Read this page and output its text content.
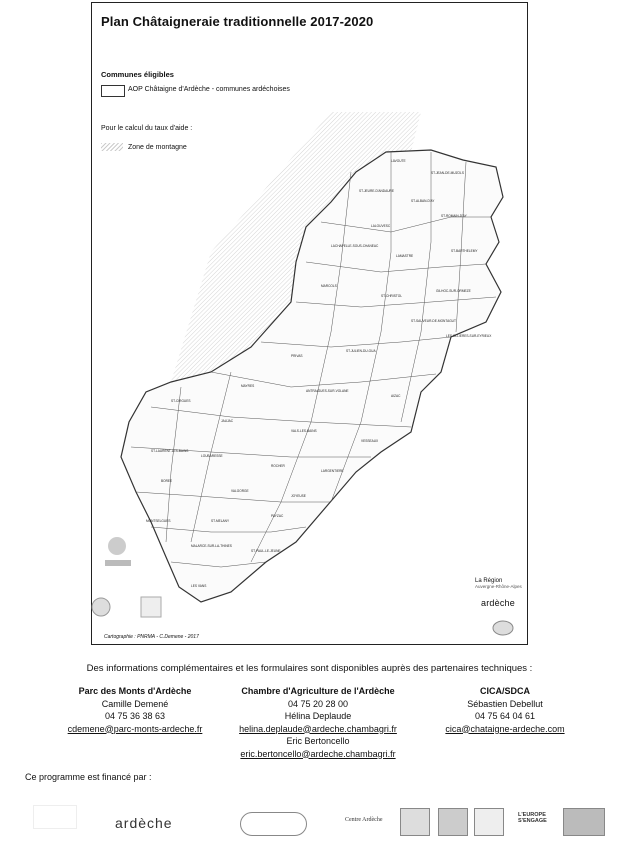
Plan Châtaigneraie traditionnelle 2017-2020
Communes éligibles
AOP Châtaigne d'Ardèche - communes ardéchoises
Pour le calcul du taux d'aide :
Zone de montagne
LAVOUTE
ST-JEAN-DE-MUZOLS
ST-JEURE-D'ANDAURE
ST-ALBAN-D'AY
LALOUVESC
ST-ROMAIN-D'AY
LACHAPELLE-SOUS-CHANEAC
LAMASTRE
ST-BARTHELEMY
MARCOLS
ST-CHRISTOL
GILHOC-SUR-ORMEZE
ST-SAUVEUR-DE-MONTAGUT
LES OLLIERES-SUR-EYRIEUX
PRIVAS
ST-JULIEN-DU-GUA
MAYRES
ANTRAIGUES-SUR-VOLANE
AIZAC
ST-CIRGUES
JAUJAC
VALS-LES-BAINS
VESSEAUX
ST-LAURENT-LES-BAINS
LOUBARESSE
ROCHER
LARGENTIERE
BOREE
VALGORGE
JOYEUSE
MONTSELGUES	ST-MELANY
PAYZAC
MALARCE-SUR-LA-THINES
ST-PAUL-LE-JEUNE
LES VANS
Cartographie : PNRMA - C.Demene - 2017
La Région
Auvergne-Rhône-Alpes
ardèche
Des informations complémentaires et les formulaires sont disponibles auprès des partenaires techniques :
Parc des Monts d'Ardèche
Camille Demené
04 75 36 38 63
cdemene@parc-monts-ardeche.fr
Chambre d'Agriculture de l'Ardèche
04 75 20 28 00
Hélina Deplaude
helina.deplaude@ardeche.chambagri.fr
Eric Bertoncello
eric.bertoncello@ardeche.chambagri.fr
CICA/SDCA
Sébastien Debellut
04 75 64 04 61
cica@chataigne-ardeche.com
Ce programme est financé par :
ardèche	Centre Ardèche
L'EUROPE S'ENGAGE
